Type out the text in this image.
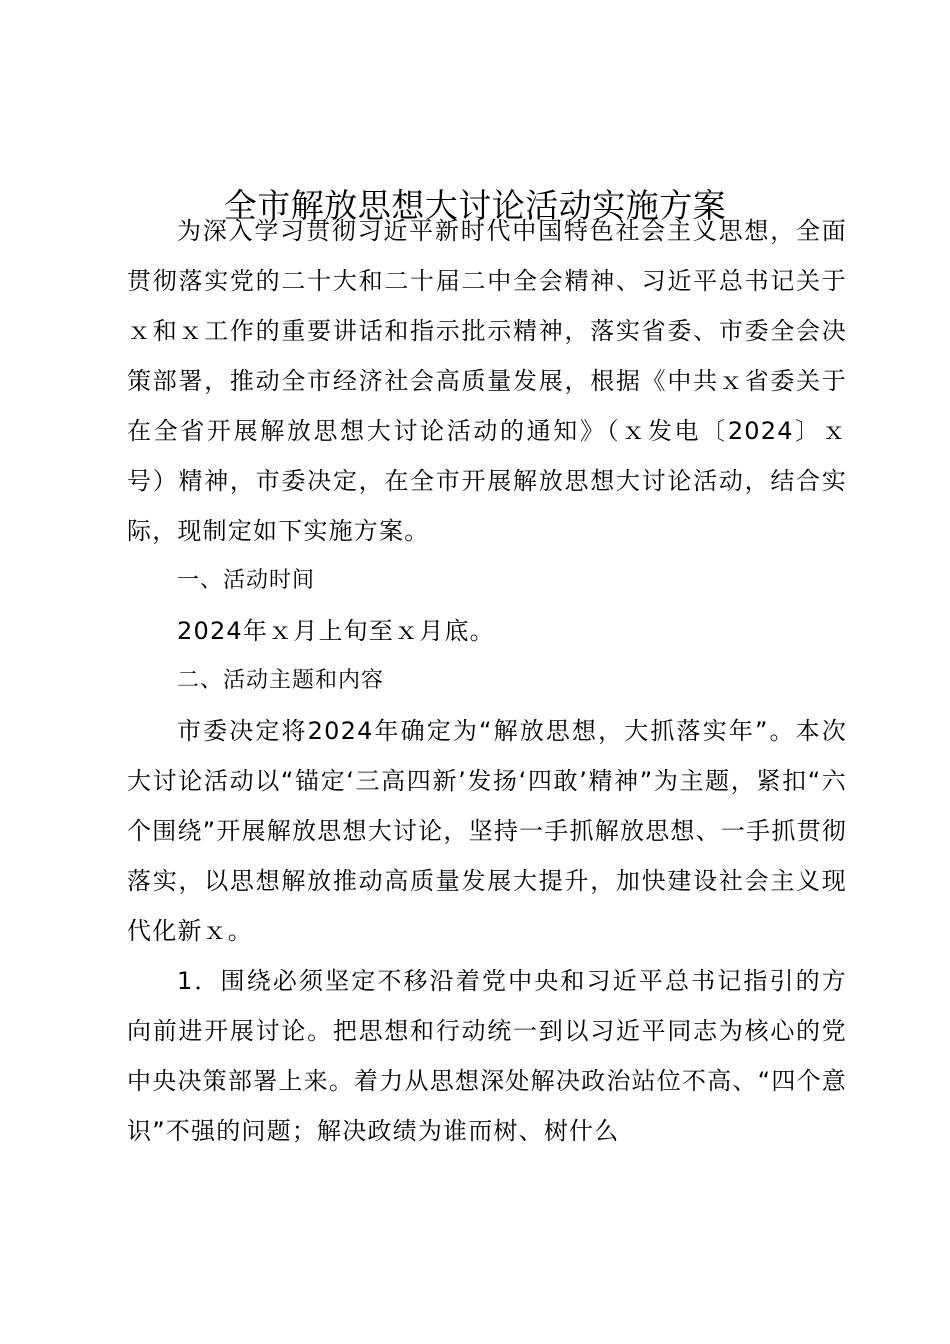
全市解放思想大讨论活动实施方案

为深入学习贯彻习近平新时代中国特色社会主义思想，全面贯彻落实党的二十大和二十届二中全会精神、习近平总书记关于ｘ和ｘ工作的重要讲话和指示批示精神，落实省委、市委全会决策部署，推动全市经济社会高质量发展，根据《中共ｘ省委关于在全省开展解放思想大讨论活动的通知》（ｘ发电〔2024〕ｘ号）精神，市委决定，在全市开展解放思想大讨论活动，结合实际，现制定如下实施方案。

一、活动时间

2024年ｘ月上旬至ｘ月底。

二、活动主题和内容

市委决定将2024年确定为“解放思想，大抓落实年”。本次大讨论活动以“锚定‘三高四新’发扬‘四敢’精神”为主题，紧扣“六个围绕”开展解放思想大讨论，坚持一手抓解放思想、一手抓贯彻落实，以思想解放推动高质量发展大提升，加快建设社会主义现代化新ｘ。

1．围绕必须坚定不移沿着党中央和习近平总书记指引的方向前进开展讨论。把思想和行动统一到以习近平同志为核心的党中央决策部署上来。着力从思想深处解决政治站位不高、“四个意识”不强的问题；解决政绩为谁而树、树什么
